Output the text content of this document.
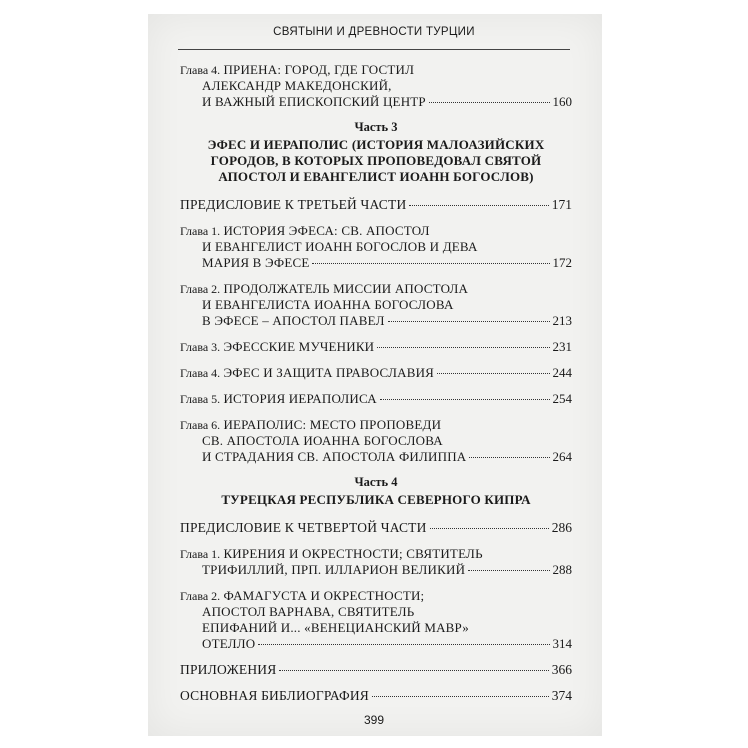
СВЯТЫНИ И ДРЕВНОСТИ ТУРЦИИ
Глава 4. ПРИЕНА: ГОРОД, ГДЕ ГОСТИЛ
АЛЕКСАНДР МАКЕДОНСКИЙ,
И ВАЖНЫЙ ЕПИСКОПСКИЙ ЦЕНТР	160
Часть 3
ЭФЕС И ИЕРАПОЛИС (ИСТОРИЯ МАЛОАЗИЙСКИХ
ГОРОДОВ, В КОТОРЫХ ПРОПОВЕДОВАЛ СВЯТОЙ
АПОСТОЛ И ЕВАНГЕЛИСТ ИОАНН БОГОСЛОВ)
ПРЕДИСЛОВИЕ К ТРЕТЬЕЙ ЧАСТИ	171
Глава 1. ИСТОРИЯ ЭФЕСА: СВ. АПОСТОЛ
И ЕВАНГЕЛИСТ ИОАНН БОГОСЛОВ И ДЕВА
МАРИЯ В ЭФЕСЕ	172
Глава 2. ПРОДОЛЖАТЕЛЬ МИССИИ АПОСТОЛА
И ЕВАНГЕЛИСТА ИОАННА БОГОСЛОВА
В ЭФЕСЕ – АПОСТОЛ ПАВЕЛ	213
Глава 3. ЭФЕССКИЕ МУЧЕНИКИ	231
Глава 4. ЭФЕС И ЗАЩИТА ПРАВОСЛАВИЯ	244
Глава 5. ИСТОРИЯ ИЕРАПОЛИСА	254
Глава 6. ИЕРАПОЛИС: МЕСТО ПРОПОВЕДИ
СВ. АПОСТОЛА ИОАННА БОГОСЛОВА
И СТРАДАНИЯ СВ. АПОСТОЛА ФИЛИППА	264
Часть 4
ТУРЕЦКАЯ РЕСПУБЛИКА СЕВЕРНОГО КИПРА
ПРЕДИСЛОВИЕ К ЧЕТВЕРТОЙ ЧАСТИ	286
Глава 1. КИРЕНИЯ И ОКРЕСТНОСТИ; СВЯТИТЕЛЬ
ТРИФИЛЛИЙ, ПРП. ИЛЛАРИОН ВЕЛИКИЙ	288
Глава 2. ФАМАГУСТА И ОКРЕСТНОСТИ;
АПОСТОЛ ВАРНАВА, СВЯТИТЕЛЬ
ЕПИФАНИЙ И... «ВЕНЕЦИАНСКИЙ МАВР»
ОТЕЛЛО	314
ПРИЛОЖЕНИЯ	366
ОСНОВНАЯ БИБЛИОГРАФИЯ	374
399
